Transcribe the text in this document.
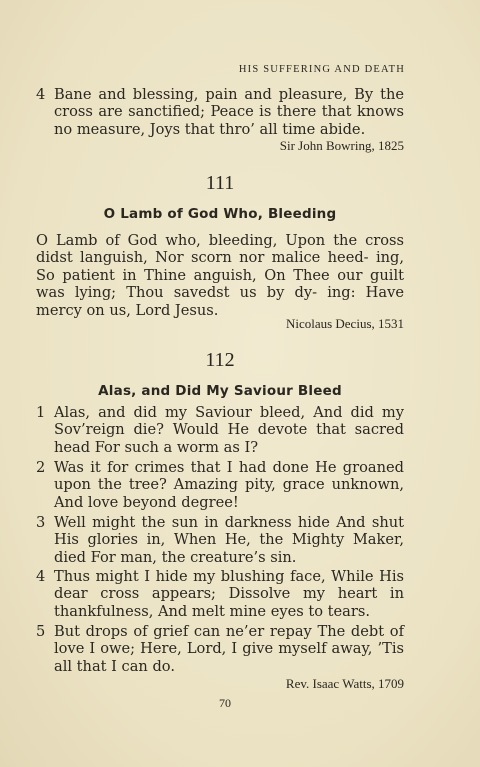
HIS SUFFERING AND DEATH
4 Bane and blessing, pain and pleasure, By the cross are sanctified; Peace is there that knows no measure, Joys that thro’ all time abide.
Sir John Bowring, 1825
111
O Lamb of God Who, Bleeding
O Lamb of God who, bleeding, Upon the cross didst languish, Nor scorn nor malice heed- ing, So patient in Thine anguish, On Thee our guilt was lying; Thou savedst us by dy- ing: Have mercy on us, Lord Jesus.
Nicolaus Decius, 1531
112
Alas, and Did My Saviour Bleed
1 Alas, and did my Saviour bleed, And did my Sov’reign die? Would He devote that sacred head For such a worm as I?
2 Was it for crimes that I had done He groaned upon the tree? Amazing pity, grace unknown, And love beyond degree!
3 Well might the sun in darkness hide And shut His glories in, When He, the Mighty Maker, died For man, the creature’s sin.
4 Thus might I hide my blushing face, While His dear cross appears; Dissolve my heart in thankfulness, And melt mine eyes to tears.
5 But drops of grief can ne’er repay The debt of love I owe; Here, Lord, I give myself away, ’Tis all that I can do.
Rev. Isaac Watts, 1709
70
